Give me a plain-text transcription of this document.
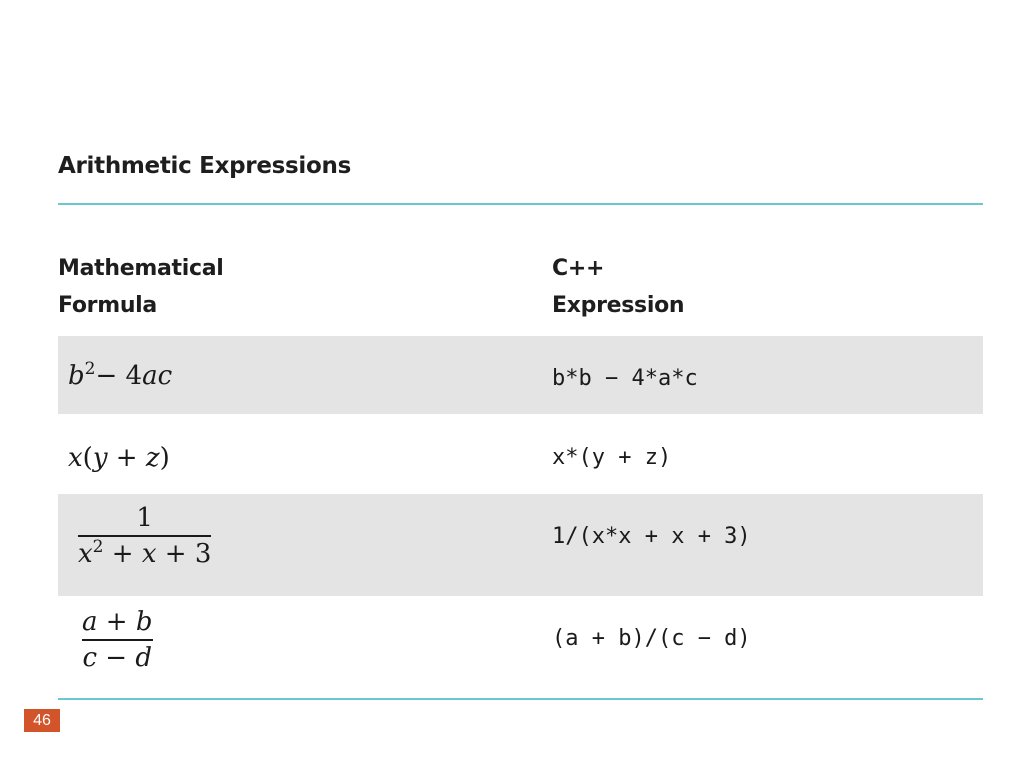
Arithmetic Expressions
Mathematical
Formula
C++
Expression
$b^2- 4ac$	b*b − 4*a*c
x(y + z)	x*(y + z)
1
$x^2 + x + 3$
1/(x*x + x + 3)
a + b
c − d
(a + b)/(c − d)
46
